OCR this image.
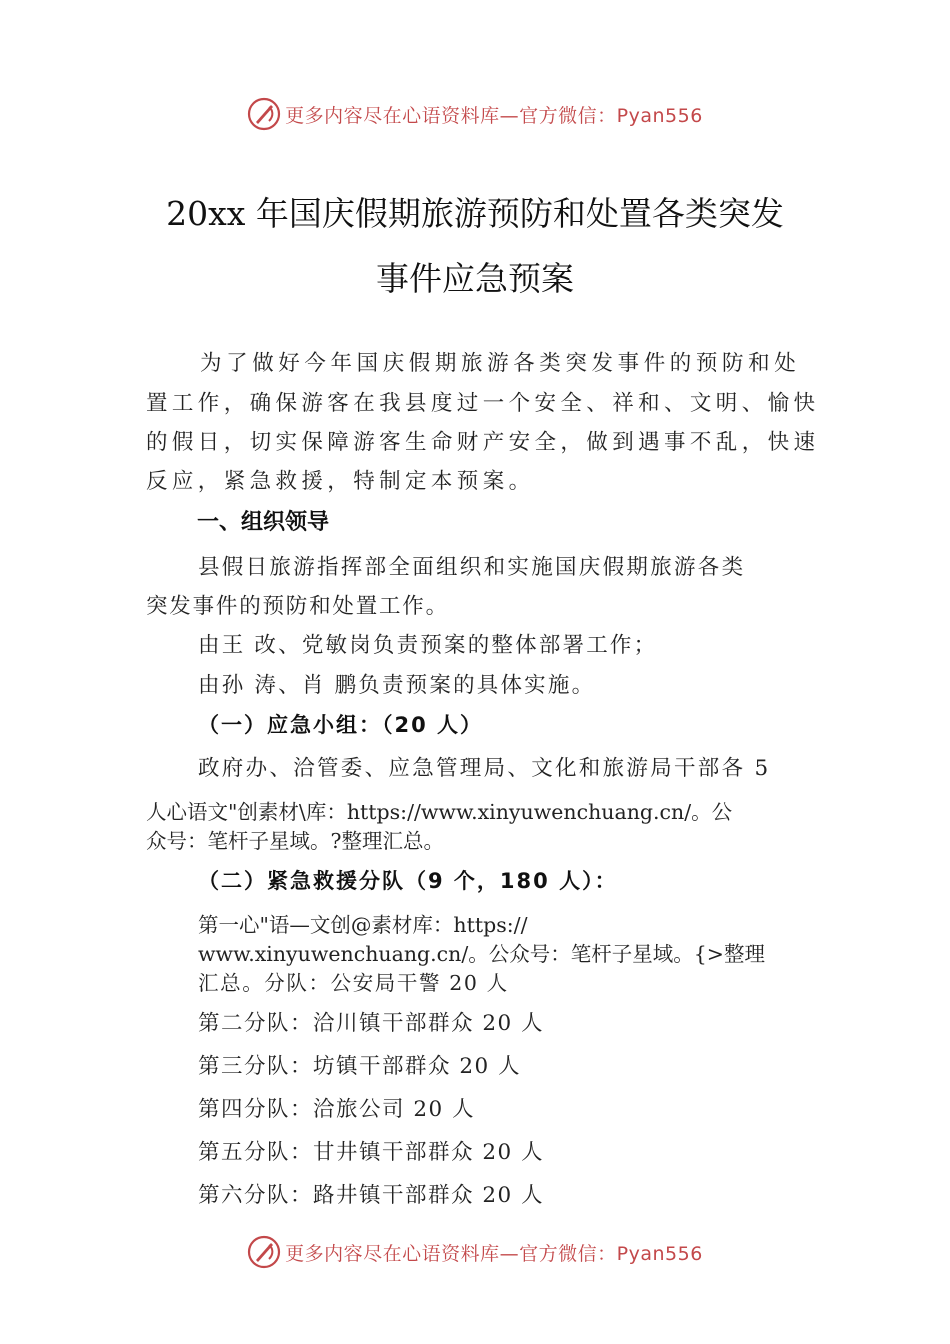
更多内容尽在心语资料库—官方微信：Pyan556
20xx 年国庆假期旅游预防和处置各类突发
事件应急预案
为了做好今年国庆假期旅游各类突发事件的预防和处
置工作，确保游客在我县度过一个安全、祥和、文明、愉快
的假日，切实保障游客生命财产安全，做到遇事不乱，快速
反应，紧急救援，特制定本预案。
一、组织领导
县假日旅游指挥部全面组织和实施国庆假期旅游各类
突发事件的预防和处置工作。
由王 改、党敏岗负责预案的整体部署工作；
由孙 涛、肖 鹏负责预案的具体实施。
（一）应急小组：（20 人）
政府办、洽管委、应急管理局、文化和旅游局干部各 5
人心语文"创素材\库：https://www.xinyuwenchuang.cn/。公
众号：笔杆子星域。?整理汇总。
（二）紧急救援分队（9 个，180 人）：
第一心"语—文创@素材库：https://
www.xinyuwenchuang.cn/。公众号：笔杆子星域。{>整理
汇总。分队：公安局干警 20 人
第二分队：洽川镇干部群众 20 人
第三分队：坊镇干部群众 20 人
第四分队：洽旅公司 20 人
第五分队：甘井镇干部群众 20 人
第六分队：路井镇干部群众 20 人
更多内容尽在心语资料库—官方微信：Pyan556
